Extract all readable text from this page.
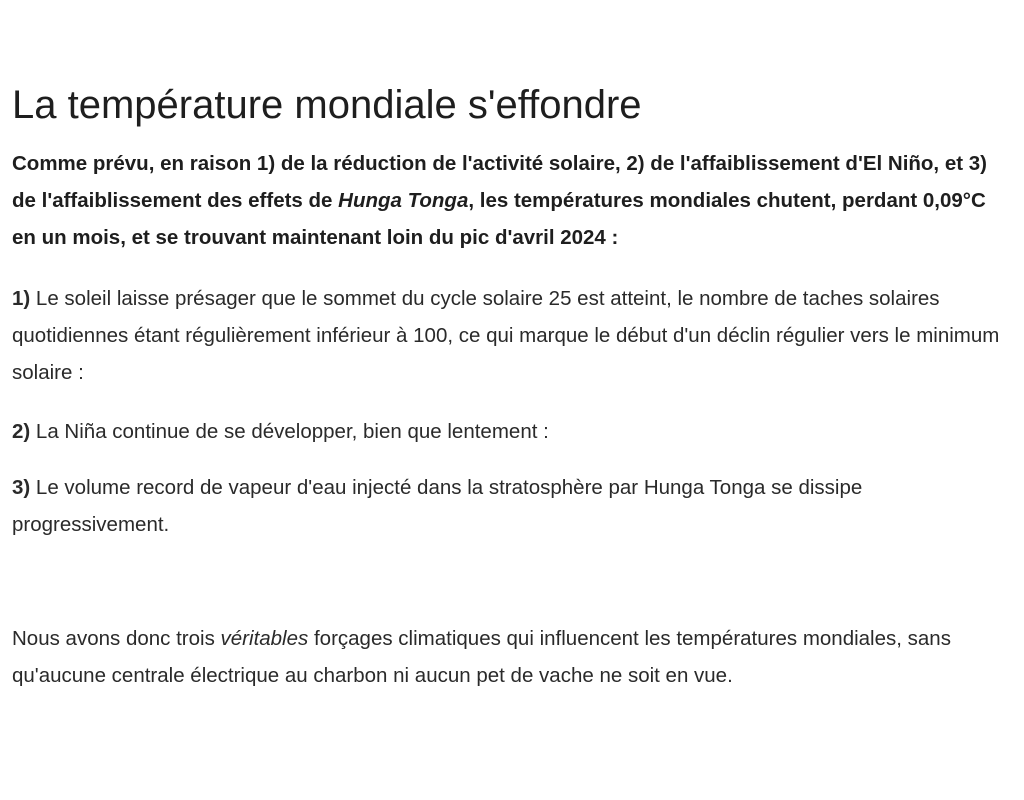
La température mondiale s'effondre

Comme prévu, en raison 1) de la réduction de l'activité solaire, 2) de l'affaiblissement d'El Niño, et 3) de l'affaiblissement des effets de Hunga Tonga, les températures mondiales chutent, perdant 0,09°C en un mois, et se trouvant maintenant loin du pic d'avril 2024 :

1) Le soleil laisse présager que le sommet du cycle solaire 25 est atteint, le nombre de taches solaires quotidiennes étant régulièrement inférieur à 100, ce qui marque le début d'un déclin régulier vers le minimum solaire :

2) La Niña continue de se développer, bien que lentement :

3) Le volume record de vapeur d'eau injecté dans la stratosphère par Hunga Tonga se dissipe progressivement.

Nous avons donc trois véritables forçages climatiques qui influencent les températures mondiales, sans qu'aucune centrale électrique au charbon ni aucun pet de vache ne soit en vue.
